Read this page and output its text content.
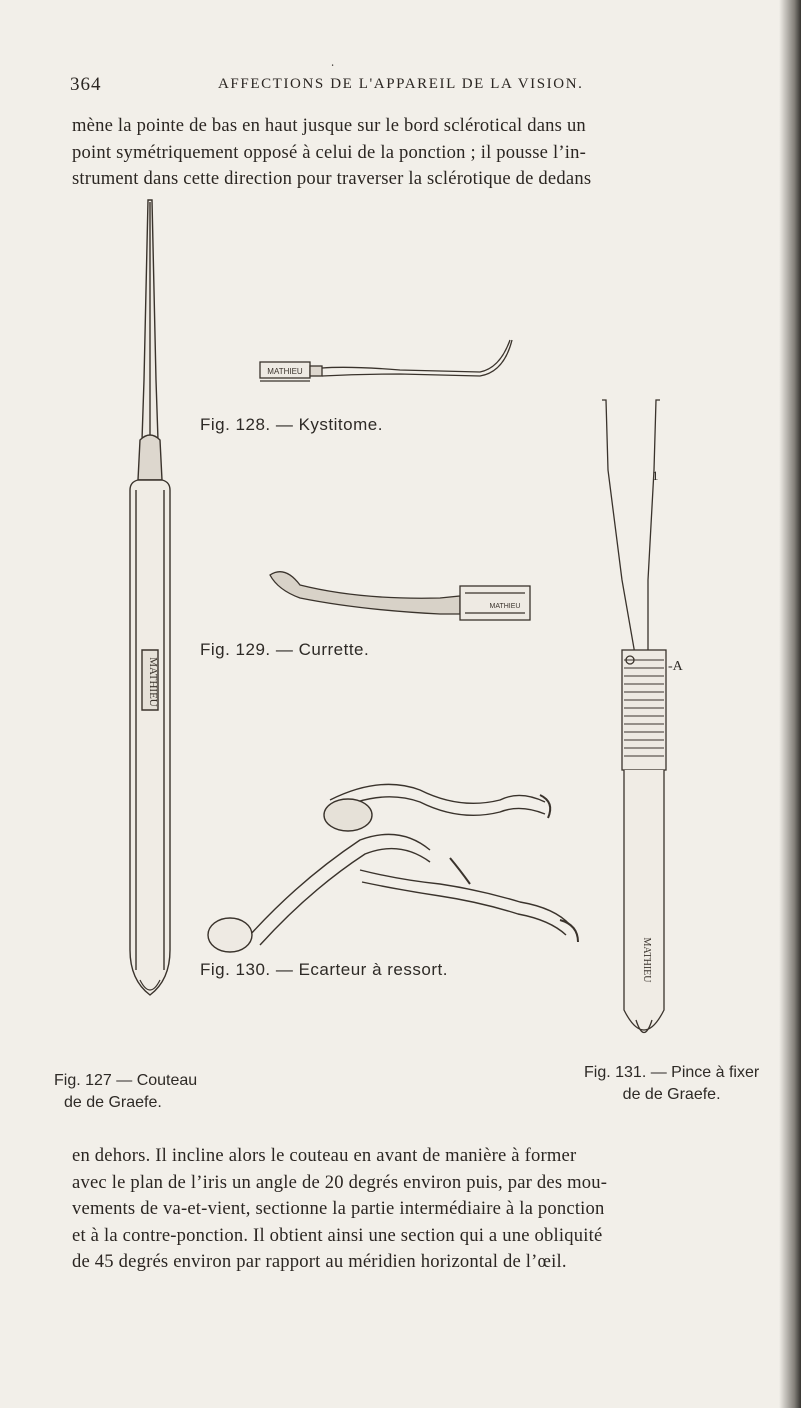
364
∙
AFFECTIONS DE L'APPAREIL DE LA VISION.
mène la pointe de bas en haut jusque sur le bord sclérotical dans un
point symétriquement opposé à celui de la ponction ; il pousse l’in-
strument dans cette direction pour traverser la sclérotique de dedans
MATHIEU
MATHIEU
MATHIEU
MATHIEU
1
-A
Fig. 128. — Kystitome.
Fig. 129. — Currette.
Fig. 130. — Ecarteur à ressort.
Fig. 127 — Couteau
de de Graefe.
Fig. 131. — Pince à fixer
de de Graefe.
en dehors. Il incline alors le couteau en avant de manière à former
avec le plan de l’iris un angle de 20 degrés environ puis, par des mou-
vements de va-et-vient, sectionne la partie intermédiaire à la ponction
et à la contre-ponction. Il obtient ainsi une section qui a une obliquité
de 45 degrés environ par rapport au méridien horizontal de l’œil.
